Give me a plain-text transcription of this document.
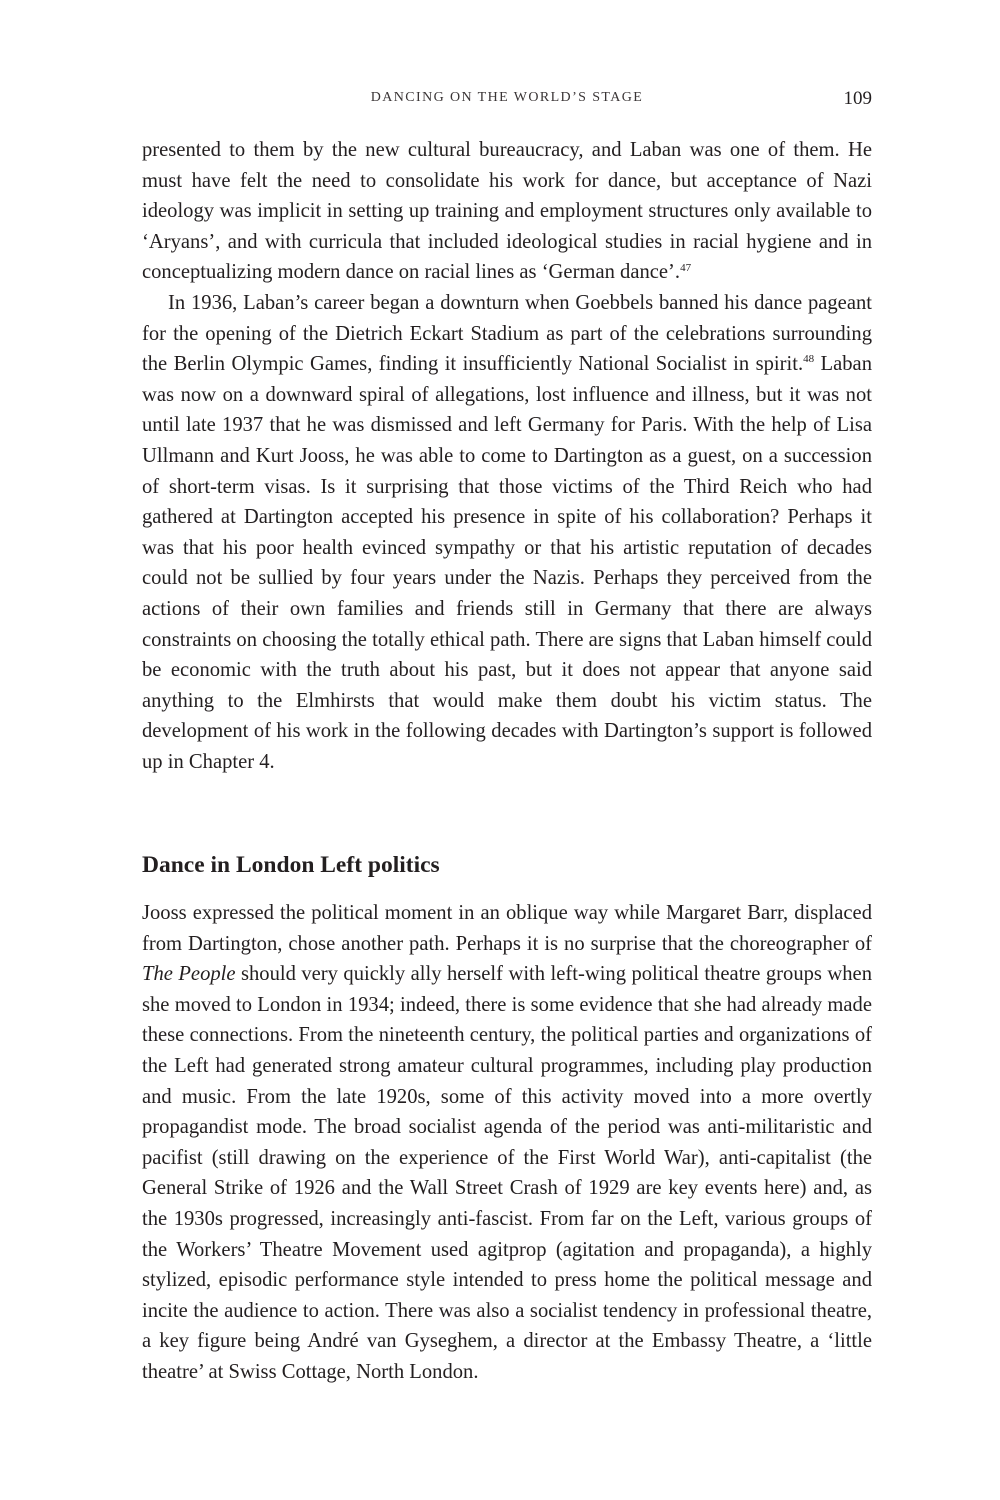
DANCING ON THE WORLD’S STAGE	109

presented to them by the new cultural bureaucracy, and Laban was one of them. He must have felt the need to consolidate his work for dance, but acceptance of Nazi ideology was implicit in setting up training and employment structures only available to ‘Aryans’, and with curricula that included ideological studies in racial hygiene and in conceptualizing modern dance on racial lines as ‘German dance’.$^{47}$

In 1936, Laban’s career began a downturn when Goebbels banned his dance pageant for the opening of the Dietrich Eckart Stadium as part of the celebrations surrounding the Berlin Olympic Games, finding it insufficiently National Socialist in spirit.$^{48}$ Laban was now on a downward spiral of allegations, lost influence and illness, but it was not until late 1937 that he was dismissed and left Germany for Paris. With the help of Lisa Ullmann and Kurt Jooss, he was able to come to Dartington as a guest, on a succession of short-term visas. Is it surprising that those victims of the Third Reich who had gathered at Dartington accepted his presence in spite of his collaboration? Perhaps it was that his poor health evinced sympathy or that his artistic reputation of decades could not be sullied by four years under the Nazis. Perhaps they perceived from the actions of their own families and friends still in Germany that there are always constraints on choosing the totally ethical path. There are signs that Laban himself could be economic with the truth about his past, but it does not appear that anyone said anything to the Elmhirsts that would make them doubt his victim status. The development of his work in the following decades with Dartington’s support is followed up in Chapter 4.

Dance in London Left politics

Jooss expressed the political moment in an oblique way while Margaret Barr, displaced from Dartington, chose another path. Perhaps it is no surprise that the choreographer of The People should very quickly ally herself with left-wing political theatre groups when she moved to London in 1934; indeed, there is some evidence that she had already made these connections. From the nineteenth century, the political parties and organizations of the Left had generated strong amateur cultural programmes, including play production and music. From the late 1920s, some of this activity moved into a more overtly propagandist mode. The broad socialist agenda of the period was anti-militaristic and pacifist (still drawing on the experience of the First World War), anti-capitalist (the General Strike of 1926 and the Wall Street Crash of 1929 are key events here) and, as the 1930s progressed, increasingly anti-fascist. From far on the Left, various groups of the Workers’ Theatre Movement used agitprop (agitation and propaganda), a highly stylized, episodic performance style intended to press home the political message and incite the audience to action. There was also a socialist tendency in professional theatre, a key figure being André van Gyseghem, a director at the Embassy Theatre, a ‘little theatre’ at Swiss Cottage, North London.
